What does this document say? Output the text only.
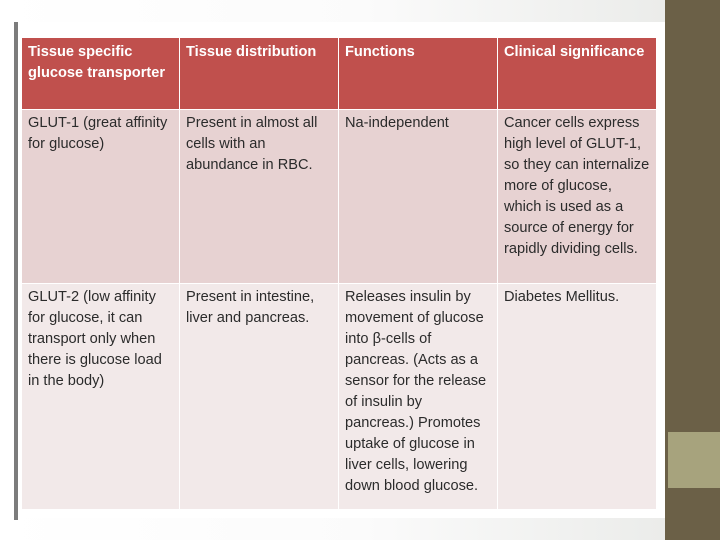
Tissue specific glucose transporter	Tissue distribution	Functions	Clinical significance
GLUT-1 (great affinity for glucose)	Present in almost all cells with an abundance in RBC.	Na-independent	Cancer cells express high level of GLUT-1, so they can internalize more of glucose, which is used as a source of energy for rapidly dividing cells.
GLUT-2 (low affinity for glucose, it can transport only when there is glucose load in the body)	Present in intestine, liver and pancreas.	Releases insulin by movement of glucose into β-cells of pancreas. (Acts as a sensor for the release of insulin by pancreas.) Promotes uptake of glucose in liver cells, lowering down blood glucose.	Diabetes Mellitus.
